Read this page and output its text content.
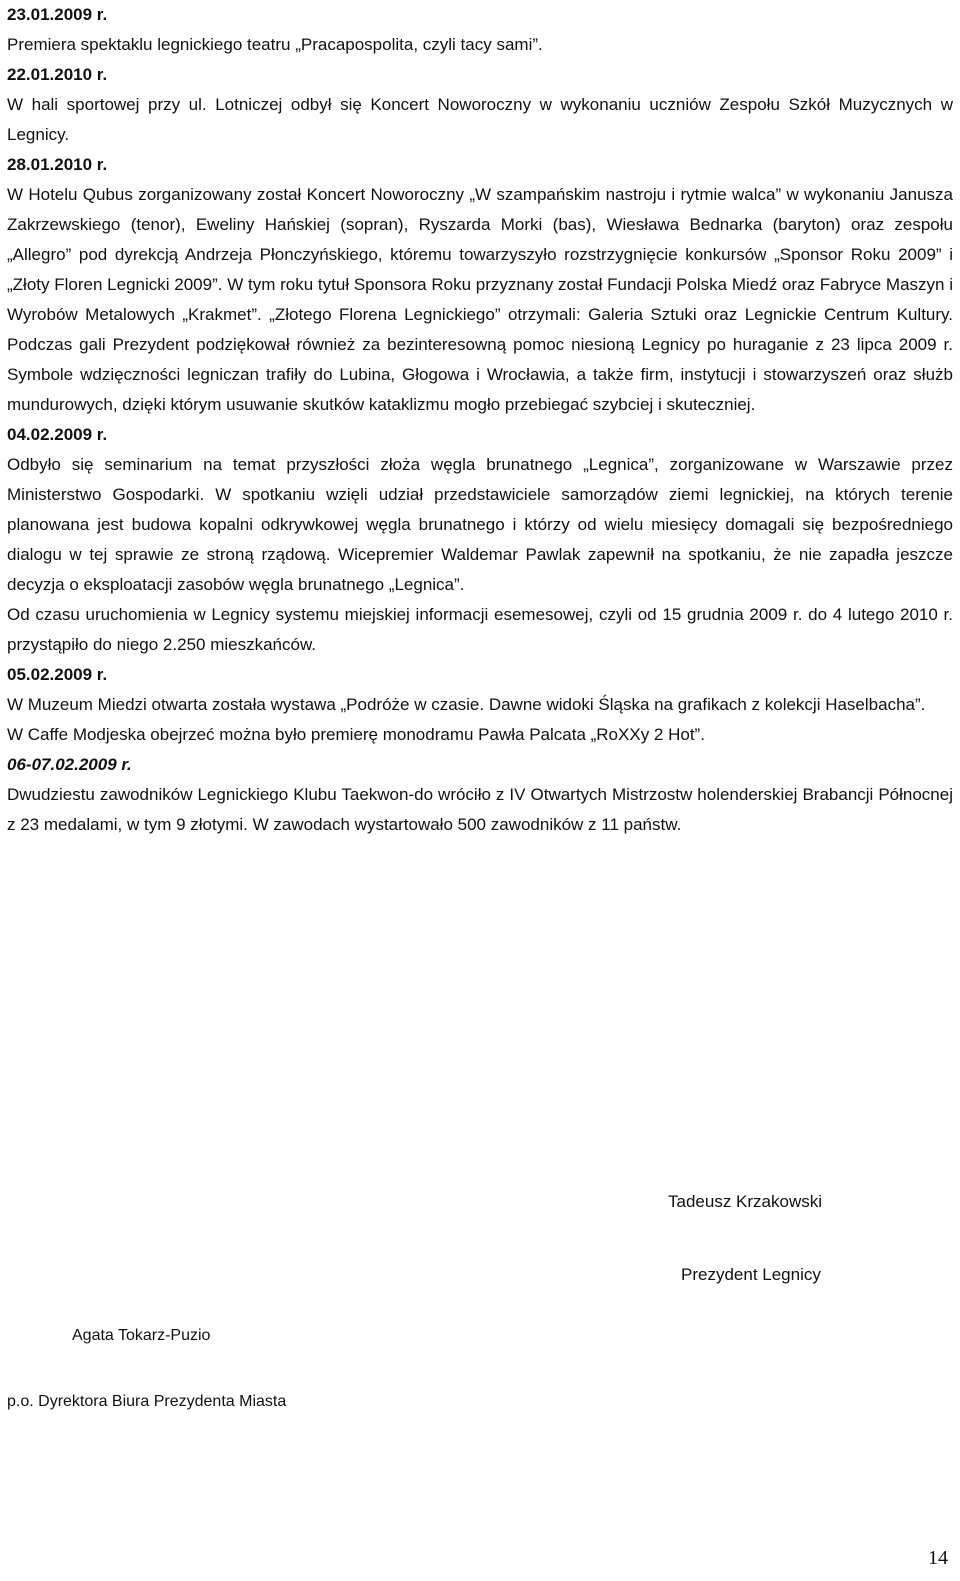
23.01.2009 r.

Premiera spektaklu legnickiego teatru „Pracapospolita, czyli tacy sami”.

22.01.2010 r.

W hali sportowej przy ul. Lotniczej odbył się Koncert Noworoczny w wykonaniu uczniów Zespołu Szkół Muzycznych w Legnicy.

28.01.2010 r.

W Hotelu Qubus zorganizowany został Koncert Noworoczny „W szampańskim nastroju i rytmie walca” w wykonaniu Janusza Zakrzewskiego (tenor), Eweliny Hańskiej (sopran), Ryszarda Morki (bas), Wiesława Bednarka (baryton) oraz zespołu „Allegro” pod dyrekcją Andrzeja Płonczyńskiego, któremu towarzyszyło rozstrzygnięcie konkursów „Sponsor Roku 2009” i „Złoty Floren Legnicki 2009”. W tym roku tytuł Sponsora Roku przyznany został Fundacji Polska Miedź oraz Fabryce Maszyn i Wyrobów Metalowych „Krakmet”. „Złotego Florena Legnickiego” otrzymali: Galeria Sztuki oraz Legnickie Centrum Kultury. Podczas gali Prezydent podziękował również za bezinteresowną pomoc niesioną Legnicy po huraganie z 23 lipca 2009 r. Symbole wdzięczności legniczan trafiły do Lubina, Głogowa i Wrocławia, a także firm, instytucji i stowarzyszeń oraz służb mundurowych, dzięki którym usuwanie skutków kataklizmu mogło przebiegać szybciej i skuteczniej.

04.02.2009 r.

Odbyło się seminarium na temat przyszłości złoża węgla brunatnego „Legnica”, zorganizowane w Warszawie przez Ministerstwo Gospodarki. W spotkaniu wzięli udział przedstawiciele samorządów ziemi legnickiej, na których terenie planowana jest budowa kopalni odkrywkowej węgla brunatnego i którzy od wielu miesięcy domagali się bezpośredniego dialogu w tej sprawie ze stroną rządową. Wicepremier Waldemar Pawlak zapewnił na spotkaniu, że nie zapadła jeszcze decyzja o eksploatacji zasobów węgla brunatnego „Legnica”.

Od czasu uruchomienia w Legnicy systemu miejskiej informacji esemesowej, czyli od 15 grudnia 2009 r. do 4 lutego 2010 r. przystąpiło do niego 2.250 mieszkańców.

05.02.2009 r.

W Muzeum Miedzi otwarta została wystawa „Podróże w czasie. Dawne widoki Śląska na grafikach z kolekcji Haselbacha”.

W Caffe Modjeska obejrzeć można było premierę monodramu Pawła Palcata „RoXXy 2 Hot”.

06-07.02.2009 r.

Dwudziestu zawodników Legnickiego Klubu Taekwon-do wróciło z IV Otwartych Mistrzostw holenderskiej Brabancji Północnej z 23 medalami, w tym 9 złotymi. W zawodach wystartowało 500 zawodników z 11 państw.

Tadeusz Krzakowski
Prezydent Legnicy
Agata Tokarz-Puzio
p.o. Dyrektora Biura Prezydenta Miasta
14
